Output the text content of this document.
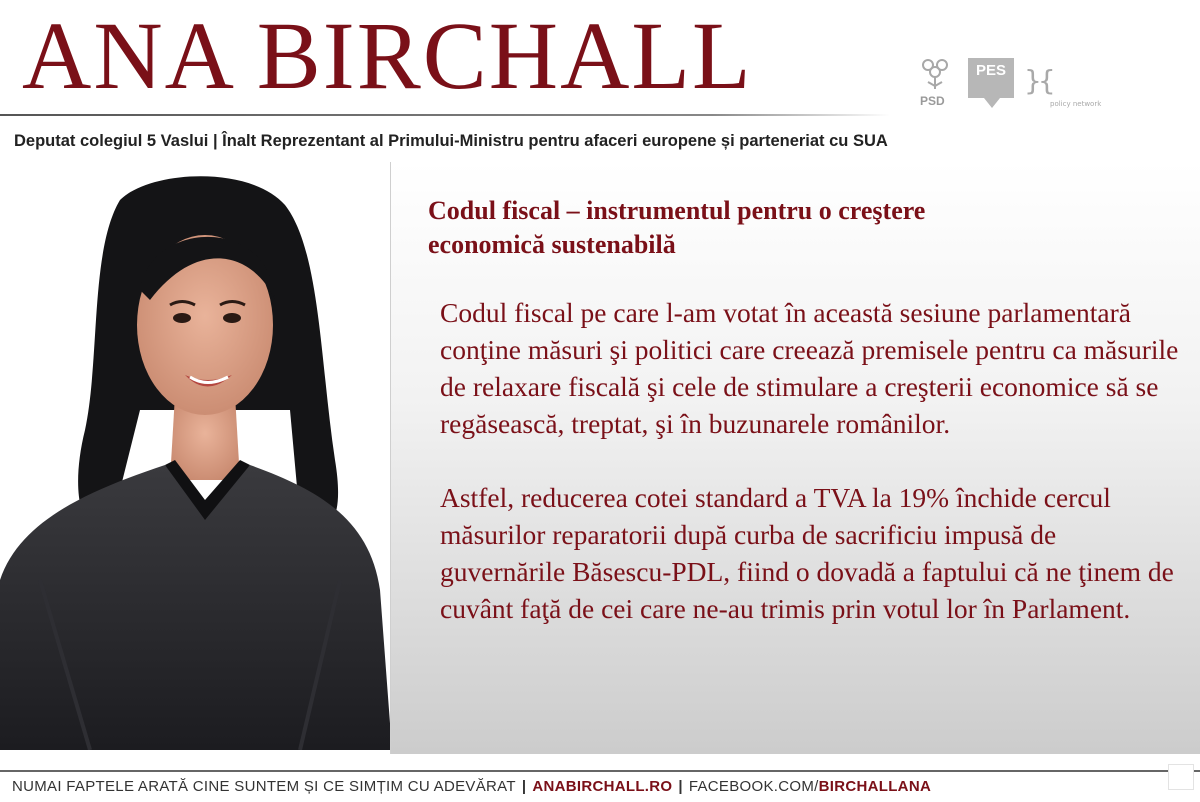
ANA BIRCHALL	PSD
PES }{
policy network
Deputat colegiul 5 Vaslui | Înalt Reprezentant al Primului-Ministru pentru afaceri europene și parteneriat cu SUA
Codul fiscal – instrumentul pentru o creştere economică sustenabilă

Codul fiscal pe care l-am votat în această sesiune parlamentară conţine măsuri şi politici care creează premisele pentru ca măsurile de relaxare fiscală şi cele de stimulare a creşterii economice să se regăsească, treptat, şi în buzunarele românilor.

Astfel, reducerea cotei standard a TVA la 19% închide cercul măsurilor reparatorii după curba de sacrificiu impusă de guvernările Băsescu-PDL, fiind o dovadă a faptului că ne ţinem de cuvânt faţă de cei care ne-au trimis prin votul lor în Parlament.

NUMAI FAPTELE ARATĂ CINE SUNTEM ȘI CE SIMȚIM CU ADEVĂRAT | ANABIRCHALL.RO | FACEBOOK.COM/BIRCHALLANA
